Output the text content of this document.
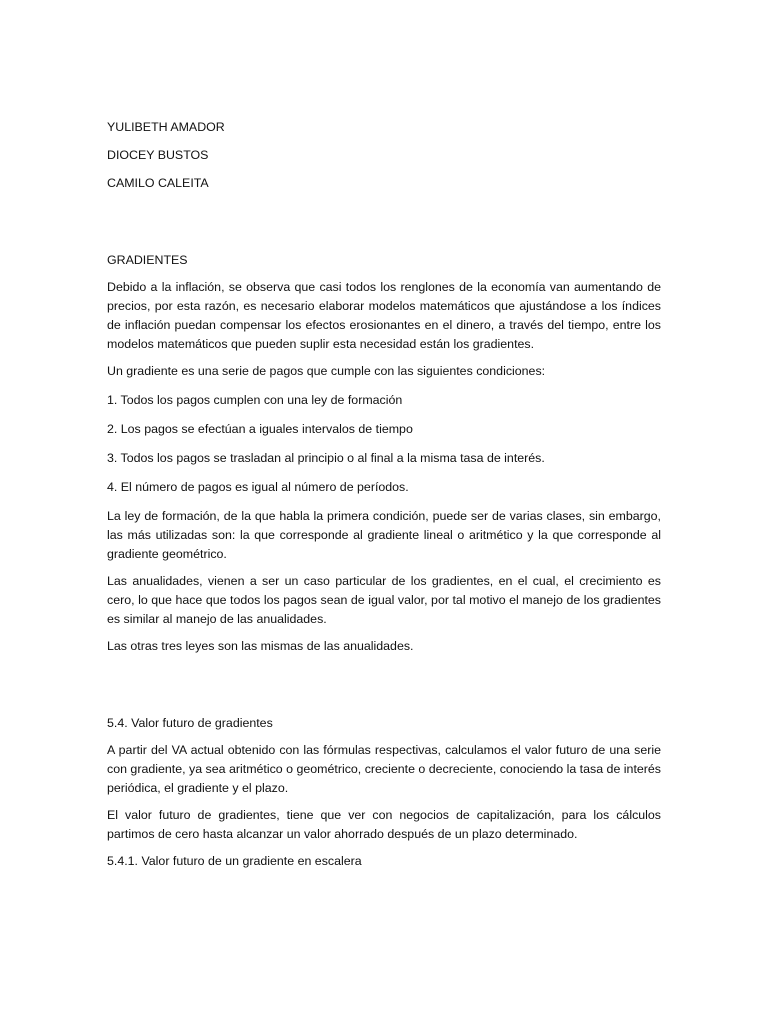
YULIBETH AMADOR

DIOCEY BUSTOS

CAMILO CALEITA

GRADIENTES

Debido a la inflación, se observa que casi todos los renglones de la economía van aumentando de precios, por esta razón, es necesario elaborar modelos matemáticos que ajustándose a los índices de inflación puedan compensar los efectos erosionantes en el dinero, a través del tiempo, entre los modelos matemáticos que pueden suplir esta necesidad están los gradientes.

Un gradiente es una serie de pagos que cumple con las siguientes condiciones:

1. Todos los pagos cumplen con una ley de formación

2. Los pagos se efectúan a iguales intervalos de tiempo

3. Todos los pagos se trasladan al principio o al final a la misma tasa de interés.

4. El número de pagos es igual al número de períodos.

La ley de formación, de la que habla la primera condición, puede ser de varias clases, sin embargo, las más utilizadas son: la que corresponde al gradiente lineal o aritmético y la que corresponde al gradiente geométrico.

Las anualidades, vienen a ser un caso particular de los gradientes, en el cual, el crecimiento es cero, lo que hace que todos los pagos sean de igual valor, por tal motivo el manejo de los gradientes es similar al manejo de las anualidades.

Las otras tres leyes son las mismas de las anualidades.

5.4. Valor futuro de gradientes

A partir del VA actual obtenido con las fórmulas respectivas, calculamos el valor futuro de una serie con gradiente, ya sea aritmético o geométrico, creciente o decreciente, conociendo la tasa de interés periódica, el gradiente y el plazo.

El valor futuro de gradientes, tiene que ver con negocios de capitalización, para los cálculos partimos de cero hasta alcanzar un valor ahorrado después de un plazo determinado.

5.4.1. Valor futuro de un gradiente en escalera
